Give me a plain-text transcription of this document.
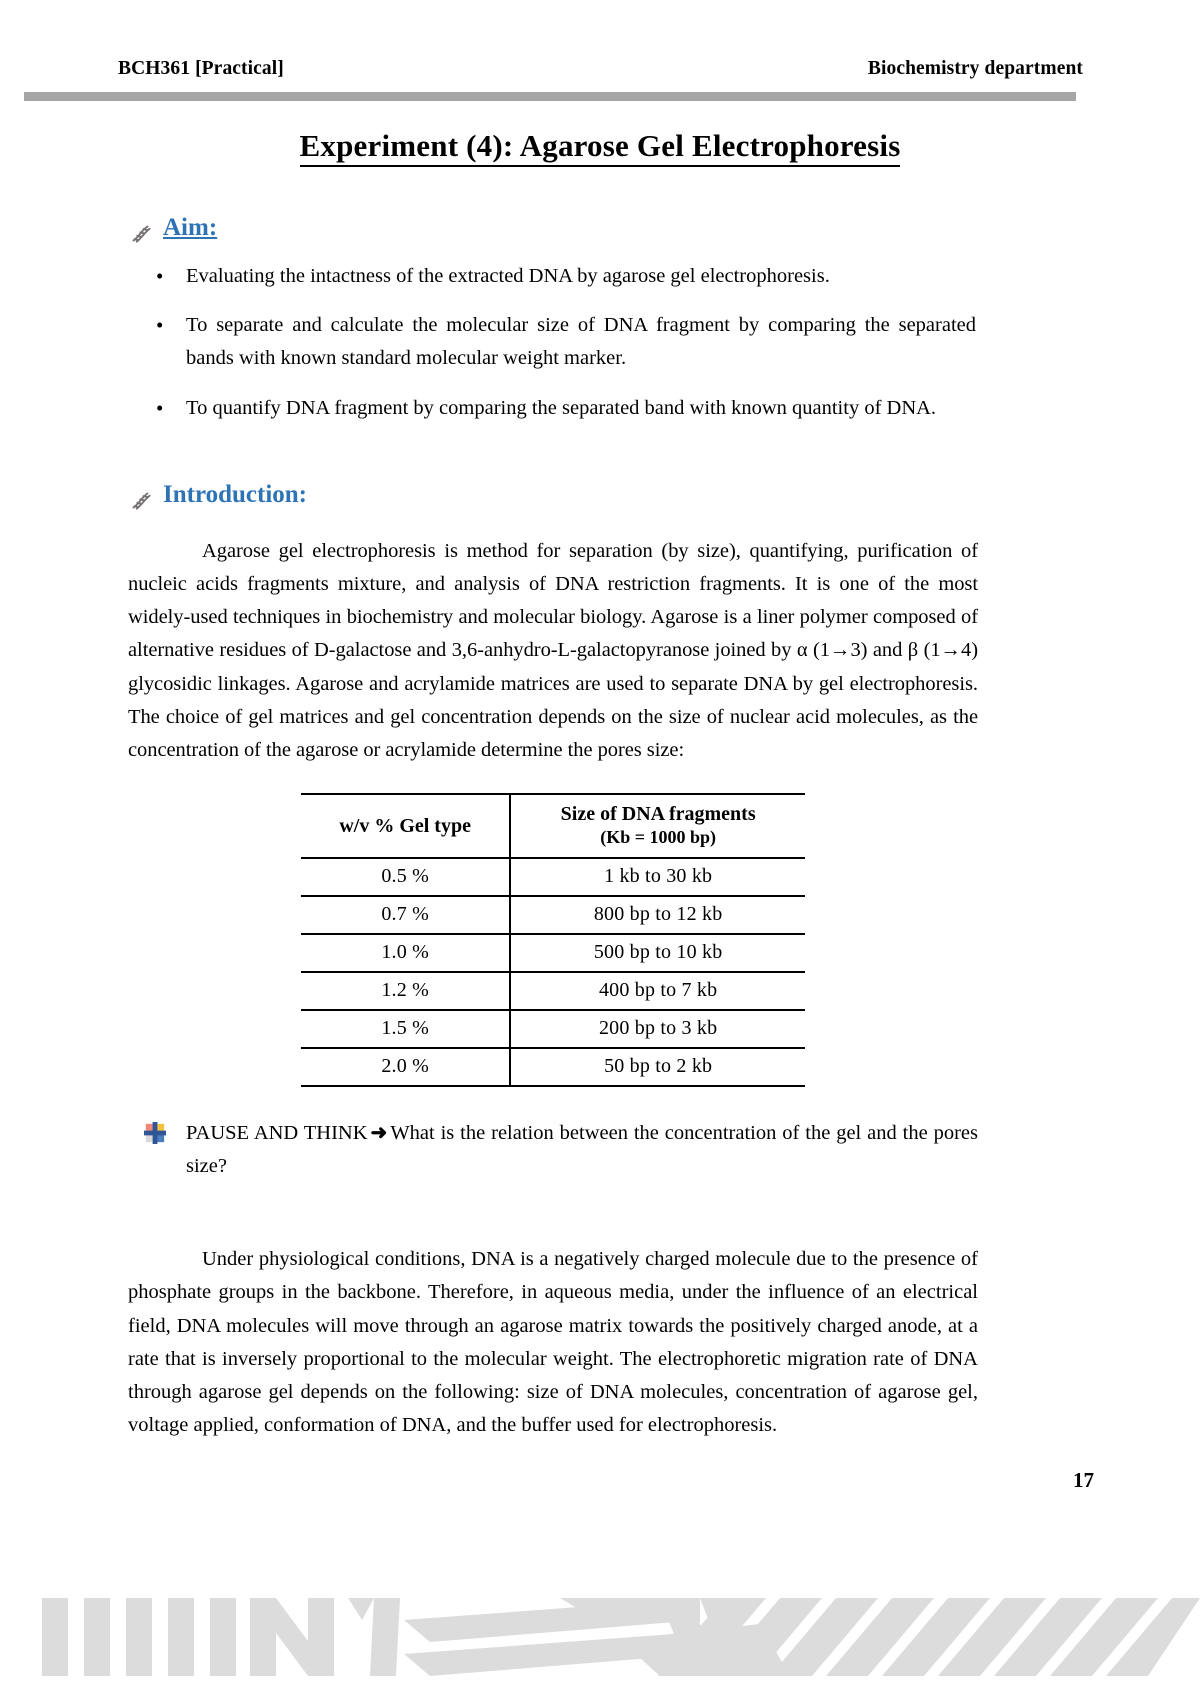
BCH361 [Practical]	Biochemistry department
Experiment (4): Agarose Gel Electrophoresis
Aim:
• Evaluating the intactness of the extracted DNA by agarose gel electrophoresis.
• To separate and calculate the molecular size of DNA fragment by comparing the separated bands with known standard molecular weight marker.
• To quantify DNA fragment by comparing the separated band with known quantity of DNA.
Introduction:

Agarose gel electrophoresis is method for separation (by size), quantifying, purification of nucleic acids fragments mixture, and analysis of DNA restriction fragments. It is one of the most widely-used techniques in biochemistry and molecular biology. Agarose is a liner polymer composed of alternative residues of D-galactose and 3,6-anhydro-L-galactopyranose joined by α (1→3) and β (1→4) glycosidic linkages. Agarose and acrylamide matrices are used to separate DNA by gel electrophoresis. The choice of gel matrices and gel concentration depends on the size of nuclear acid molecules, as the concentration of the agarose or acrylamide determine the pores size:

w/v % Gel type	Size of DNA fragments
(Kb = 1000 bp)

0.5 %	1 kb to 30 kb
0.7 %	800 bp to 12 kb
1.0 %	500 bp to 10 kb
1.2 %	400 bp to 7 kb
1.5 %	200 bp to 3 kb
2.0 %	50 bp to 2 kb
PAUSE AND THINK ➜ What is the relation between the concentration of the gel and the pores size?

Under physiological conditions, DNA is a negatively charged molecule due to the presence of phosphate groups in the backbone. Therefore, in aqueous media, under the influence of an electrical field, DNA molecules will move through an agarose matrix towards the positively charged anode, at a rate that is inversely proportional to the molecular weight. The electrophoretic migration rate of DNA through agarose gel depends on the following: size of DNA molecules, concentration of agarose gel, voltage applied, conformation of DNA, and the buffer used for electrophoresis.

17
